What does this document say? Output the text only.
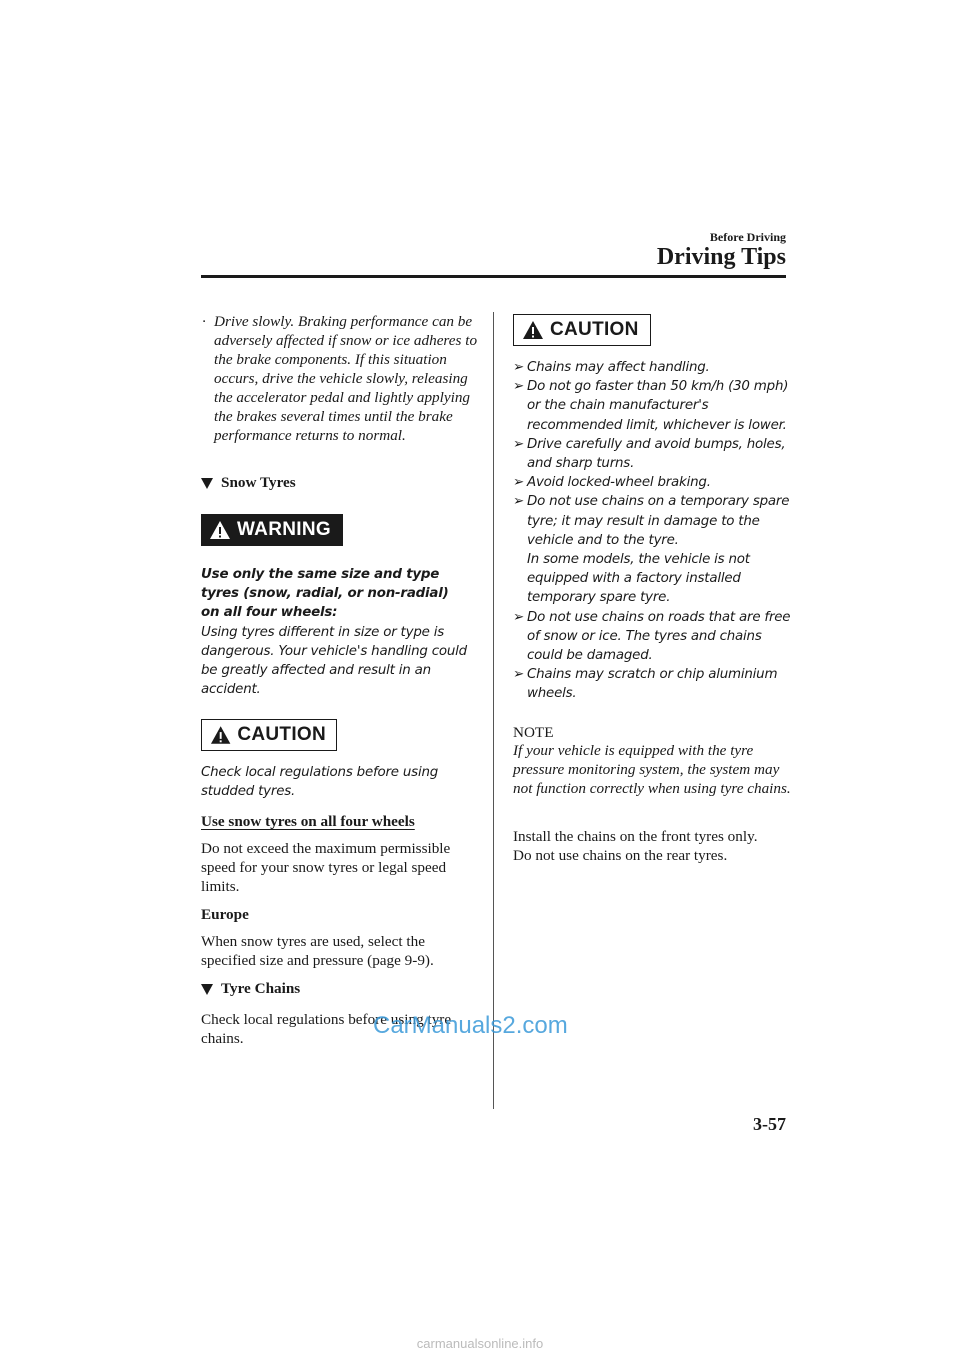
Before Driving
Driving Tips
· Drive slowly. Braking performance can be adversely affected if snow or ice adheres to the brake components. If this situation occurs, drive the vehicle slowly, releasing the accelerator pedal and lightly applying the brakes several times until the brake performance returns to normal.
Snow Tyres
WARNING
Use only the same size and type tyres (snow, radial, or non-radial) on all four wheels:
Using tyres different in size or type is dangerous. Your vehicle's handling could be greatly affected and result in an accident.
CAUTION
Check local regulations before using studded tyres.
Use snow tyres on all four wheels
Do not exceed the maximum permissible speed for your snow tyres or legal speed limits.
Europe
When snow tyres are used, select the specified size and pressure (page 9-9).
Tyre Chains
Check local regulations before using tyre chains.
CAUTION
➢ Chains may affect handling.
➢ Do not go faster than 50 km/h (30 mph) or the chain manufacturer's recommended limit, whichever is lower.
➢ Drive carefully and avoid bumps, holes, and sharp turns.
➢ Avoid locked-wheel braking.
➢ Do not use chains on a temporary spare tyre; it may result in damage to the vehicle and to the tyre.
In some models, the vehicle is not equipped with a factory installed temporary spare tyre.
➢ Do not use chains on roads that are free of snow or ice. The tyres and chains could be damaged.
➢ Chains may scratch or chip aluminium wheels.
NOTE
If your vehicle is equipped with the tyre pressure monitoring system, the system may not function correctly when using tyre chains.
Install the chains on the front tyres only.
Do not use chains on the rear tyres.
3-57
CarManuals2.com
carmanualsonline.info
